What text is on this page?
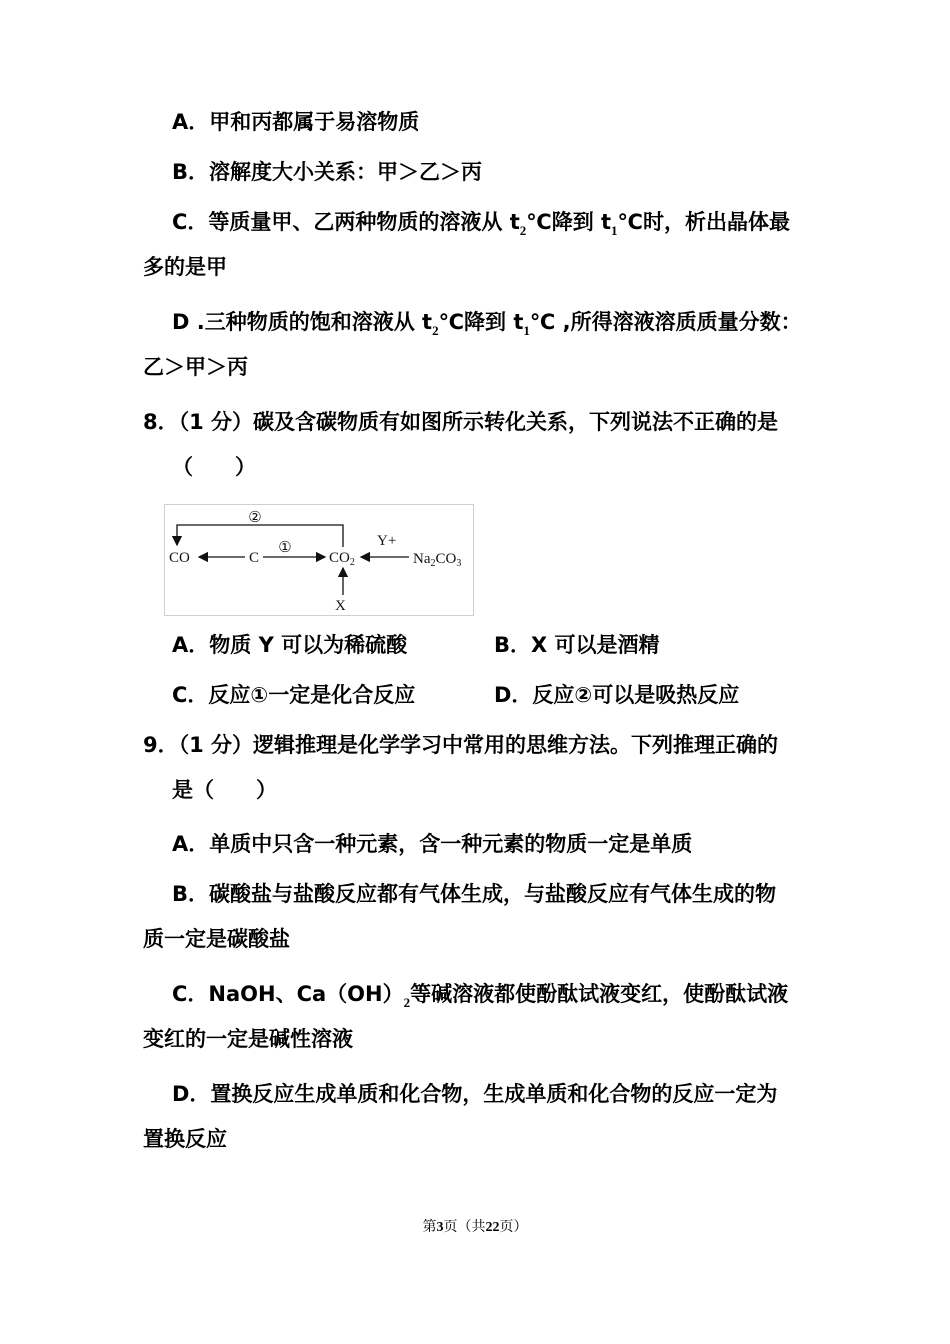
A．甲和丙都属于易溶物质
B．溶解度大小关系：甲＞乙＞丙
C．等质量甲、乙两种物质的溶液从 $t_2℃$降到 $t_1℃$时，析出晶体最
多的是甲
D .三种物质的饱和溶液从 $t_2℃$降到 $t_1℃$ ,所得溶液溶质质量分数：
乙＞甲＞丙
8．（1 分）碳及含碳物质有如图所示转化关系，下列说法不正确的是
（　　）
②
CO	C	$CO_2$	$Na_2CO_3$
①	Y+
X
A．物质 Y 可以为稀硫酸	B．X 可以是酒精
C．反应①一定是化合反应	D．反应②可以是吸热反应
9．（1 分）逻辑推理是化学学习中常用的思维方法。下列推理正确的
是（　　）
A．单质中只含一种元素，含一种元素的物质一定是单质
B．碳酸盐与盐酸反应都有气体生成，与盐酸反应有气体生成的物
质一定是碳酸盐
C．NaOH、$Ca(OH)_2$等碱溶液都使酚酞试液变红，使酚酞试液
变红的一定是碱性溶液
D．置换反应生成单质和化合物，生成单质和化合物的反应一定为
置换反应
第3页（共22页）
